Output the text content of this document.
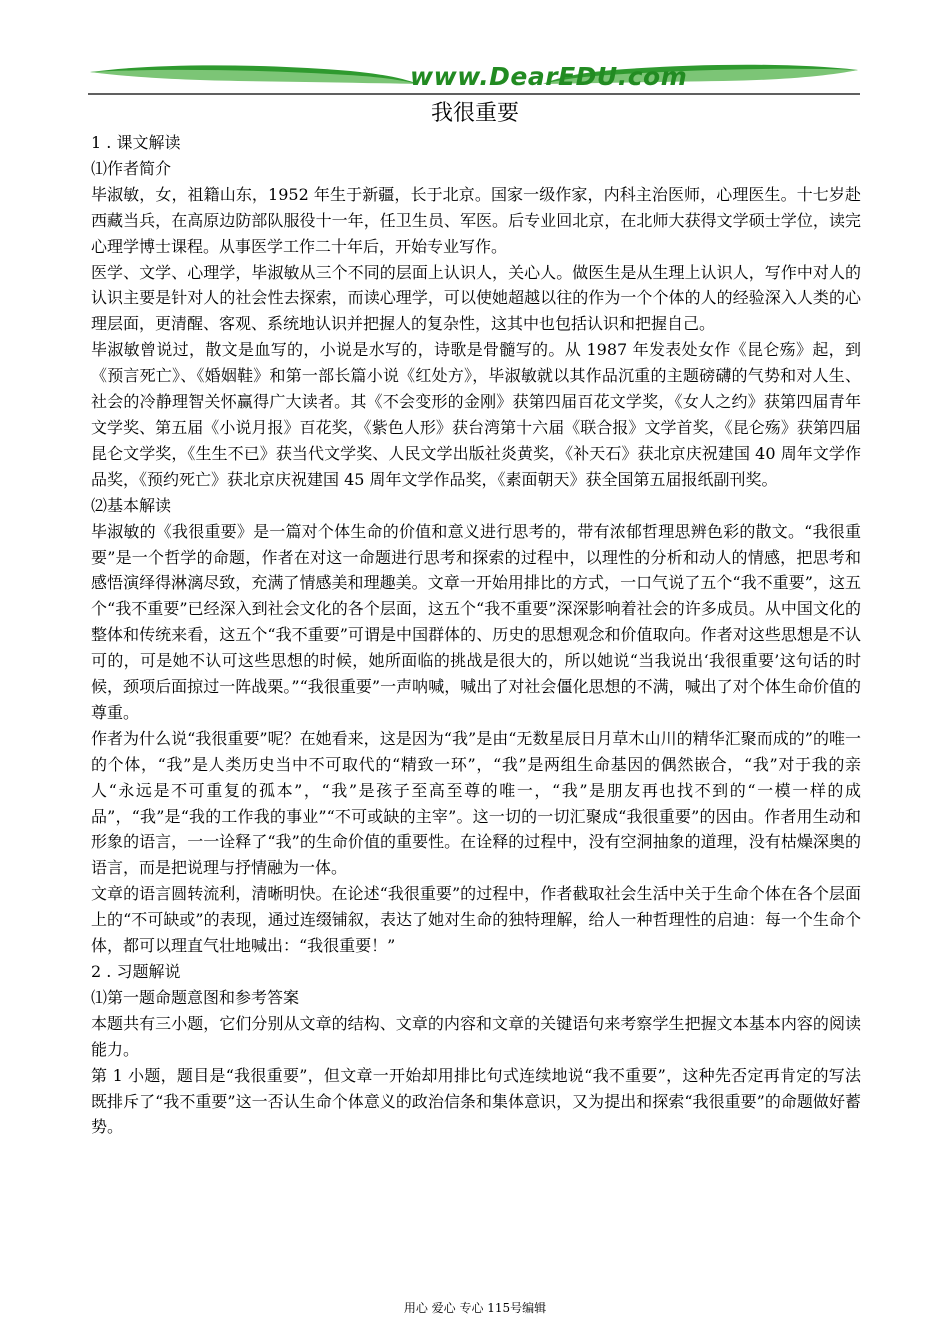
www.DearEDU.com
我很重要

1 . 课文解读

⑴作者简介

毕淑敏，女，祖籍山东，1952 年生于新疆，长于北京。国家一级作家，内科主治医师，心理医生。十七岁赴西藏当兵，在高原边防部队服役十一年，任卫生员、军医。后专业回北京，在北师大获得文学硕士学位，读完心理学博士课程。从事医学工作二十年后，开始专业写作。

医学、文学、心理学，毕淑敏从三个不同的层面上认识人，关心人。做医生是从生理上认识人，写作中对人的认识主要是针对人的社会性去探索，而读心理学，可以使她超越以往的作为一个个体的人的经验深入人类的心理层面，更清醒、客观、系统地认识并把握人的复杂性，这其中也包括认识和把握自己。

毕淑敏曾说过，散文是血写的，小说是水写的，诗歌是骨髓写的。从 1987 年发表处女作《昆仑殇》起，到《预言死亡》、《婚姻鞋》和第一部长篇小说《红处方》，毕淑敏就以其作品沉重的主题磅礴的气势和对人生、社会的冷静理智关怀赢得广大读者。其《不会变形的金刚》获第四届百花文学奖，《女人之约》获第四届青年文学奖、第五届《小说月报》百花奖，《紫色人形》获台湾第十六届《联合报》文学首奖，《昆仑殇》获第四届昆仑文学奖，《生生不已》获当代文学奖、人民文学出版社炎黄奖，《补天石》获北京庆祝建国 40 周年文学作品奖，《预约死亡》获北京庆祝建国 45 周年文学作品奖，《素面朝天》获全国第五届报纸副刊奖。

⑵基本解读

毕淑敏的《我很重要》是一篇对个体生命的价值和意义进行思考的，带有浓郁哲理思辨色彩的散文。“我很重要”是一个哲学的命题，作者在对这一命题进行思考和探索的过程中，以理性的分析和动人的情感，把思考和感悟演绎得淋漓尽致，充满了情感美和理趣美。文章一开始用排比的方式，一口气说了五个“我不重要”，这五个“我不重要”已经深入到社会文化的各个层面，这五个“我不重要”深深影响着社会的许多成员。从中国文化的整体和传统来看，这五个“我不重要”可谓是中国群体的、历史的思想观念和价值取向。作者对这些思想是不认可的，可是她不认可这些思想的时候，她所面临的挑战是很大的，所以她说“当我说出‘我很重要’这句话的时候，颈项后面掠过一阵战栗。”“我很重要”一声呐喊，喊出了对社会僵化思想的不满，喊出了对个体生命价值的尊重。

作者为什么说“我很重要”呢？在她看来，这是因为“我”是由“无数星辰日月草木山川的精华汇聚而成的”的唯一的个体，“我”是人类历史当中不可取代的“精致一环”，“我”是两组生命基因的偶然嵌合，“我”对于我的亲人“永远是不可重复的孤本”，“我”是孩子至高至尊的唯一，“我”是朋友再也找不到的“一模一样的成品”，“我”是“我的工作我的事业”“不可或缺的主宰”。这一切的一切汇聚成“我很重要”的因由。作者用生动和形象的语言，一一诠释了“我”的生命价值的重要性。在诠释的过程中，没有空洞抽象的道理，没有枯燥深奥的语言，而是把说理与抒情融为一体。

文章的语言圆转流利，清晰明快。在论述“我很重要”的过程中，作者截取社会生活中关于生命个体在各个层面上的“不可缺或”的表现，通过连缀铺叙，表达了她对生命的独特理解，给人一种哲理性的启迪：每一个生命个体，都可以理直气壮地喊出：“我很重要！”

2 . 习题解说

⑴第一题命题意图和参考答案

本题共有三小题，它们分别从文章的结构、文章的内容和文章的关键语句来考察学生把握文本基本内容的阅读能力。

第 1 小题，题目是“我很重要”，但文章一开始却用排比句式连续地说“我不重要”，这种先否定再肯定的写法既排斥了“我不重要”这一否认生命个体意义的政治信条和集体意识，又为提出和探索“我很重要”的命题做好蓄势。

用心 爱心 专心 115号编辑
